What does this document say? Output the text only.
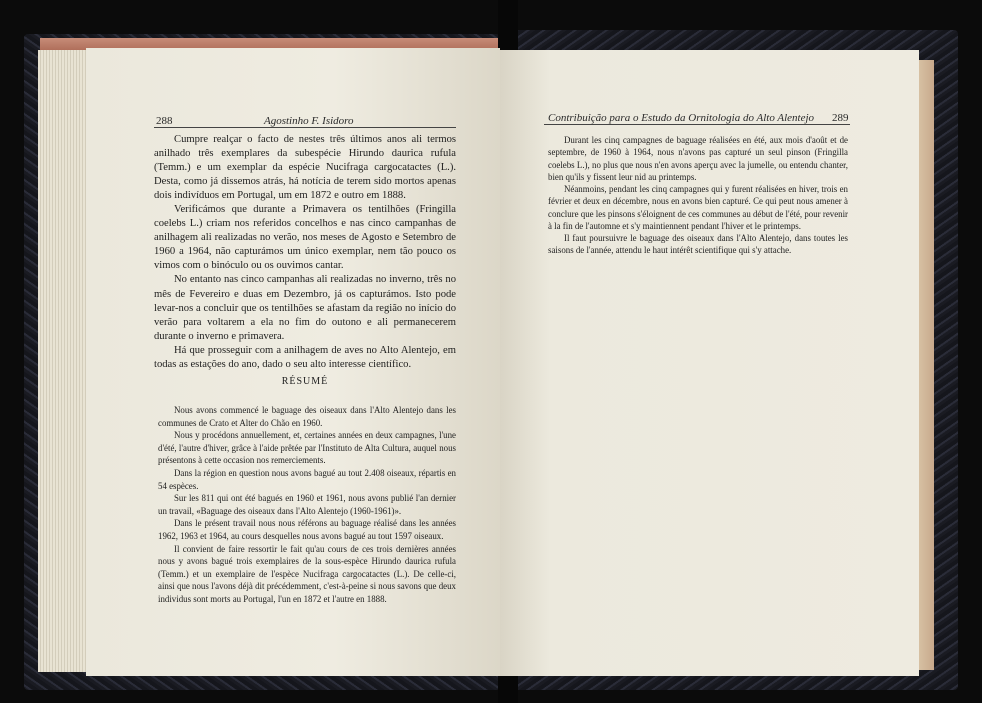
288	Agostinho F. Isidoro

Cumpre realçar o facto de nestes três últimos anos ali termos anilhado três exemplares da subespécie Hirundo daurica rufula (Temm.) e um exemplar da espécie Nucifraga cargocatactes (L.). Desta, como já dissemos atrás, há notícia de terem sido mortos apenas dois indivíduos em Portugal, um em 1872 e outro em 1888.

Verificámos que durante a Primavera os tentilhões (Fringilla coelebs L.) criam nos referidos concelhos e nas cinco campanhas de anilhagem ali realizadas no verão, nos meses de Agosto e Setembro de 1960 a 1964, não capturámos um único exemplar, nem tão pouco os vimos com o binóculo ou os ouvimos cantar.

No entanto nas cinco campanhas ali realizadas no inverno, três no mês de Fevereiro e duas em Dezembro, já os capturámos. Isto pode levar-nos a concluir que os tentilhões se afastam da região no início do verão para voltarem a ela no fim do outono e ali permanecerem durante o inverno e primavera.

Há que prosseguir com a anilhagem de aves no Alto Alentejo, em todas as estações do ano, dado o seu alto interesse científico.

RÉSUMÉ

Nous avons commencé le baguage des oiseaux dans l'Alto Alentejo dans les communes de Crato et Alter do Chão en 1960.

Nous y procédons annuellement, et, certaines années en deux campagnes, l'une d'été, l'autre d'hiver, grâce à l'aide prêtée par l'Instituto de Alta Cultura, auquel nous présentons à cette occasion nos remerciements.

Dans la région en question nous avons bagué au tout 2.408 oiseaux, répartis en 54 espèces.

Sur les 811 qui ont été bagués en 1960 et 1961, nous avons publié l'an dernier un travail, «Baguage des oiseaux dans l'Alto Alentejo (1960-1961)».

Dans le présent travail nous nous référons au baguage réalisé dans les années 1962, 1963 et 1964, au cours desquelles nous avons bagué au tout 1597 oiseaux.

Il convient de faire ressortir le fait qu'au cours de ces trois dernières années nous y avons bagué trois exemplaires de la sous-espèce Hirundo daurica rufula (Temm.) et un exemplaire de l'espèce Nucifraga cargocatactes (L.). De celle-ci, ainsi que nous l'avons déjà dit précédemment, c'est-à-peine si nous savons que deux individus sont morts au Portugal, l'un en 1872 et l'autre en 1888.

Contribuição para o Estudo da Ornitologia do Alto Alentejo 289

Durant les cinq campagnes de baguage réalisées en été, aux mois d'août et de septembre, de 1960 à 1964, nous n'avons pas capturé un seul pinson (Fringilla coelebs L.), no plus que nous n'en avons aperçu avec la jumelle, ou entendu chanter, bien qu'ils y fissent leur nid au printemps.

Néanmoins, pendant les cinq campagnes qui y furent réalisées en hiver, trois en février et deux en décembre, nous en avons bien capturé. Ce qui peut nous amener à conclure que les pinsons s'éloignent de ces communes au début de l'été, pour revenir à la fin de l'automne et s'y maintiennent pendant l'hiver et le printemps.

Il faut poursuivre le baguage des oiseaux dans l'Alto Alentejo, dans toutes les saisons de l'année, attendu le haut intérêt scientifique qui s'y attache.
